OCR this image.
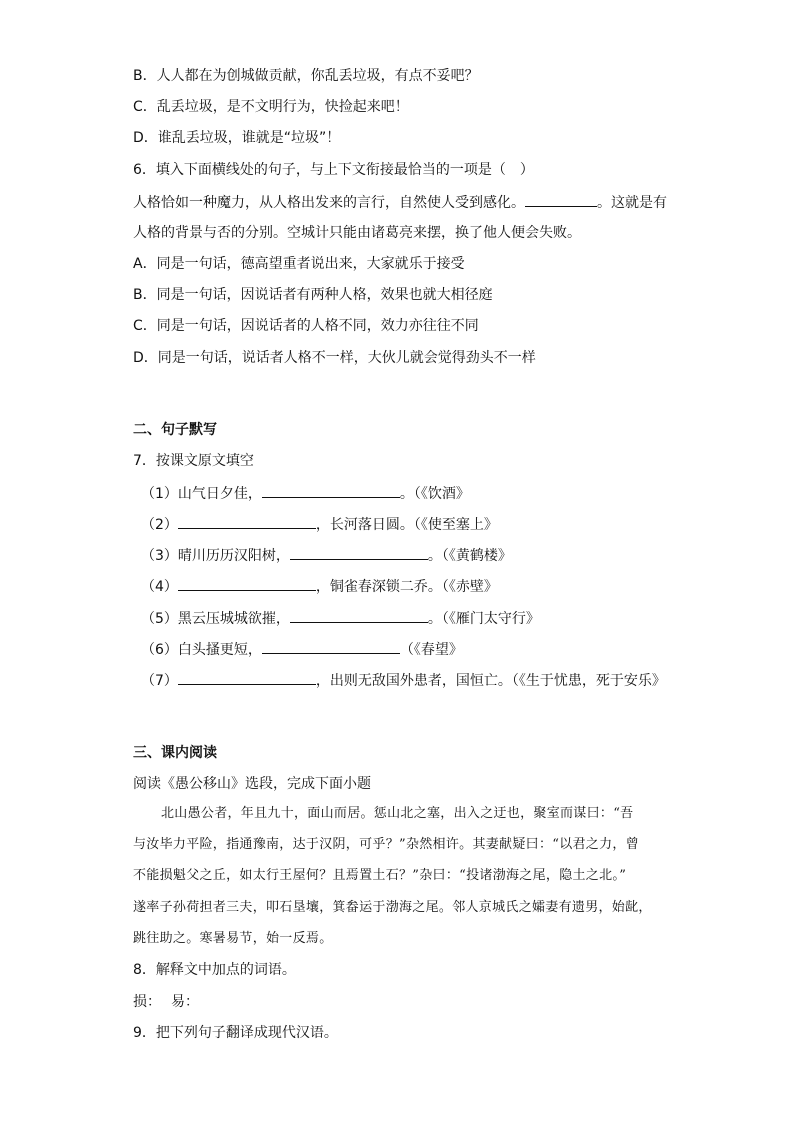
B．人人都在为创城做贡献，你乱丢垃圾，有点不妥吧？
C．乱丢垃圾，是不文明行为，快捡起来吧！
D．谁乱丢垃圾，谁就是“垃圾”！
6．填入下面横线处的句子，与上下文衔接最恰当的一项是（　）
人格恰如一种魔力，从人格出发来的言行，自然使人受到感化。	。这就是有
人格的背景与否的分别。空城计只能由诸葛亮来摆，换了他人便会失败。
A．同是一句话，德高望重者说出来，大家就乐于接受
B．同是一句话，因说话者有两种人格，效果也就大相径庭
C．同是一句话，因说话者的人格不同，效力亦往往不同
D．同是一句话，说话者人格不一样，大伙儿就会觉得劲头不一样
二、句子默写
7．按课文原文填空
（1）山气日夕佳，	。（《饮酒》
（2）	，长河落日圆。（《使至塞上》
（3）晴川历历汉阳树，	。（《黄鹤楼》
（4）	，铜雀春深锁二乔。（《赤壁》
（5）黑云压城城欲摧，	。（《雁门太守行》
（6）白头搔更短，	（《春望》
（7）	，出则无敌国外患者，国恒亡。（《生于忧患，死于安乐》
三、课内阅读
阅读《愚公移山》选段，完成下面小题
北山愚公者，年且九十，面山而居。惩山北之塞，出入之迂也，聚室而谋曰：“吾
与汝毕力平险，指通豫南，达于汉阴，可乎？”杂然相许。其妻献疑曰：“以君之力，曾
不能损魁父之丘，如太行王屋何？且焉置土石？”杂曰：“投诸渤海之尾，隐土之北。”
遂率子孙荷担者三夫，叩石垦壤，箕畚运于渤海之尾。邻人京城氏之孀妻有遗男，始龀，
跳往助之。寒暑易节，始一反焉。
8．解释文中加点的词语。
损： 易：
9．把下列句子翻译成现代汉语。
